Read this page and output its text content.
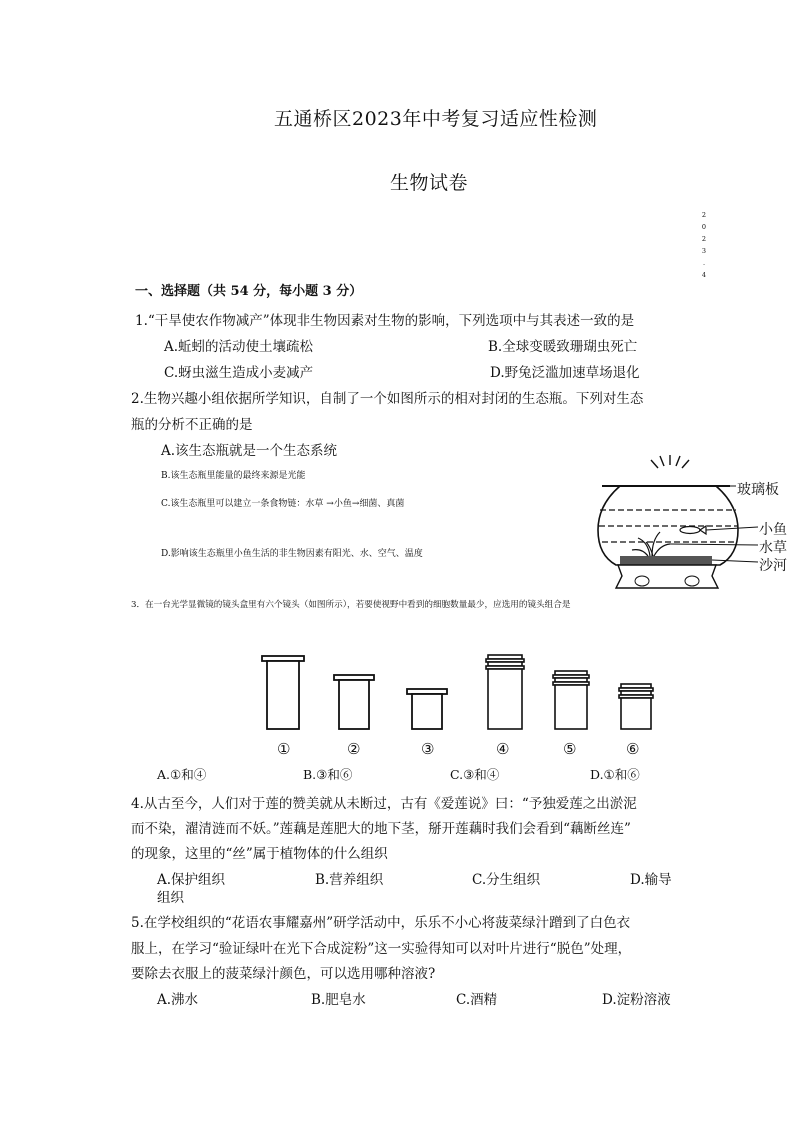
五通桥区2023年中考复习适应性检测
生物试卷
2
0
2
3
.
4
一、选择题（共 54 分，每小题 3 分）
1.“干旱使农作物减产”体现非生物因素对生物的影响，下列选项中与其表述一致的是
A.蚯蚓的活动使土壤疏松	B.全球变暖致珊瑚虫死亡
C.蚜虫滋生造成小麦减产	D.野兔泛滥加速草场退化
2.生物兴趣小组依据所学知识，自制了一个如图所示的相对封闭的生态瓶。下列对生态
瓶的分析不正确的是
A.该生态瓶就是一个生态系统
B.该生态瓶里能量的最终来源是光能
C.该生态瓶里可以建立一条食物链：水草 →小鱼→细菌、真菌
D.影响该生态瓶里小鱼生活的非生物因素有阳光、水、空气、温度
玻璃板
小鱼
水草
沙河
3．在一台光学显微镜的镜头盒里有六个镜头（如图所示），若要使视野中看到的细胞数量最少，应选用的镜头组合是
①	②	③	④	⑤	⑥
A.①和④	B.③和⑥	C.③和④	D.①和⑥
4.从古至今，人们对于莲的赞美就从未断过，古有《爱莲说》曰：“予独爱莲之出淤泥
而不染，濯清涟而不妖。”莲藕是莲肥大的地下茎，掰开莲藕时我们会看到“藕断丝连”
的现象，这里的“丝”属于植物体的什么组织
A.保护组织	B.营养组织	C.分生组织	D.输导
组织
5.在学校组织的“花语农事耀嘉州”研学活动中，乐乐不小心将菠菜绿汁蹭到了白色衣
服上，在学习“验证绿叶在光下合成淀粉”这一实验得知可以对叶片进行“脱色”处理，
要除去衣服上的菠菜绿汁颜色，可以选用哪种溶液?
A.沸水	B.肥皂水	C.酒精	D.淀粉溶液
